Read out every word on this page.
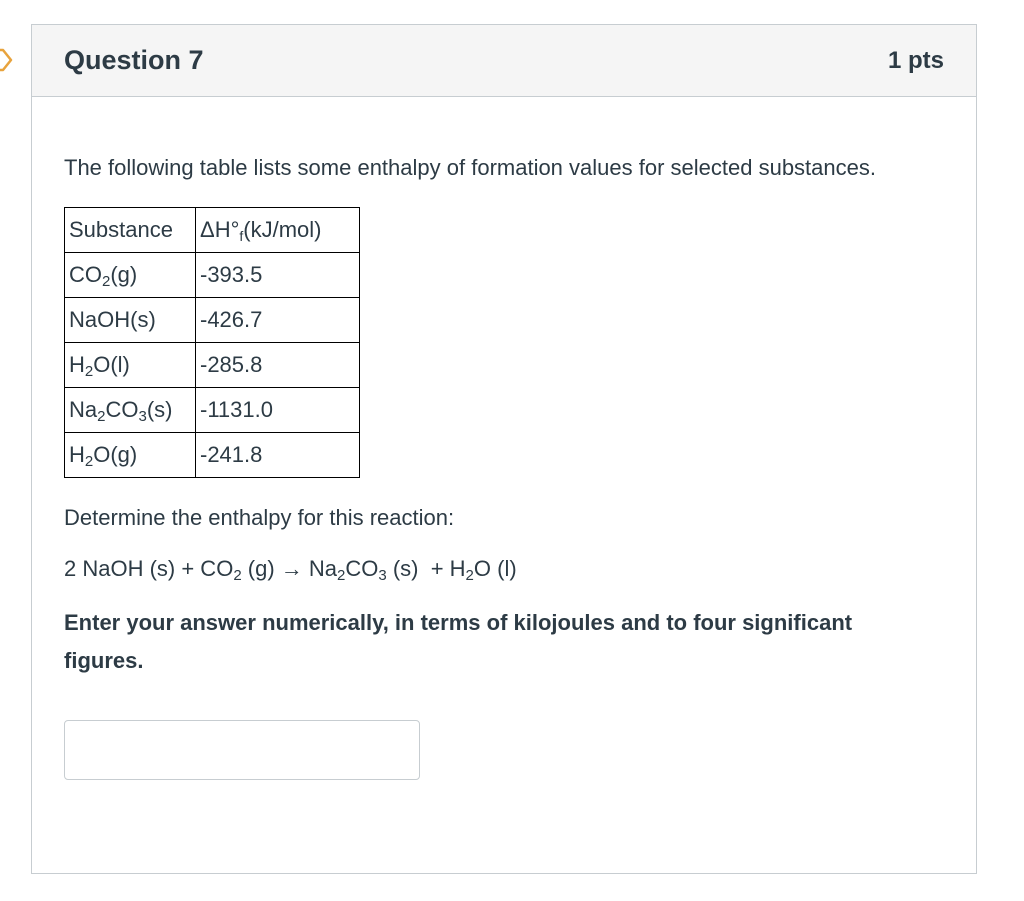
Question 7	1 pts

The following table lists some enthalpy of formation values for selected substances.

Substance	ΔH°f(kJ/mol)
$CO_2(g)$	-393.5
NaOH(s)	-426.7
$H_2O(l)$	-285.8
$Na_2CO_3(s)$	-1131.0
$H_2O(g)$	-241.8

Determine the enthalpy for this reaction:

2 NaOH $(s) + CO_2$ $(g) \to Na_2CO_3$ $(s) + H_2O$ (l)

Enter your answer numerically, in terms of kilojoules and to four significant figures.
